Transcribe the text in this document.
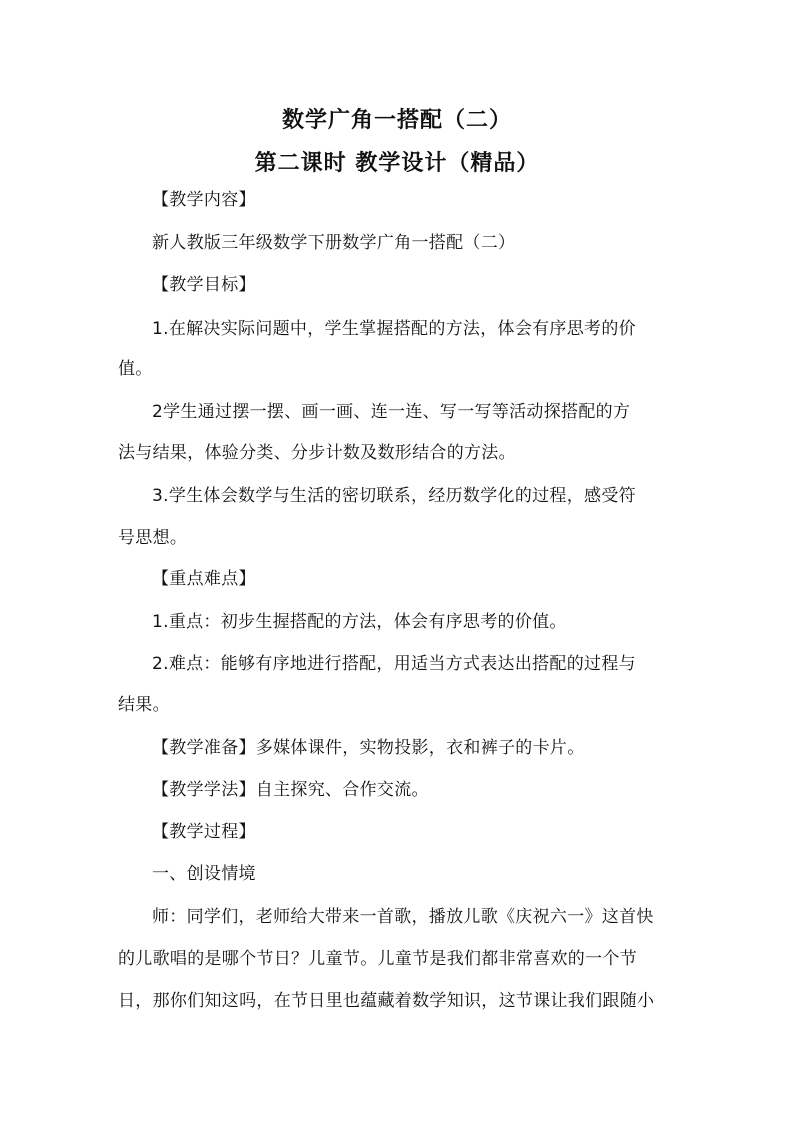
数学广角一搭配（二）
第二课时 教学设计（精品）
【教学内容】
新人教版三年级数学下册数学广角一搭配（二）
【教学目标】
1.在解决实际问题中，学生掌握搭配的方法，体会有序思考的价
值。
2学生通过摆一摆、画一画、连一连、写一写等活动探搭配的方
法与结果，体验分类、分步计数及数形结合的方法。
3.学生体会数学与生活的密切联系，经历数学化的过程，感受符
号思想。
【重点难点】
1.重点：初步生握搭配的方法，体会有序思考的价值。
2.难点：能够有序地进行搭配，用适当方式表达出搭配的过程与
结果。
【教学准备】多媒体课件，实物投影，衣和裤子的卡片。
【教学学法】自主探究、合作交流。
【教学过程】
一、创设情境
师：同学们，老师给大带来一首歌，播放儿歌《庆祝六一》这首快
的儿歌唱的是哪个节日？儿童节。儿童节是我们都非常喜欢的一个节
日，那你们知这吗，在节日里也蕴藏着数学知识，这节课让我们跟随小
